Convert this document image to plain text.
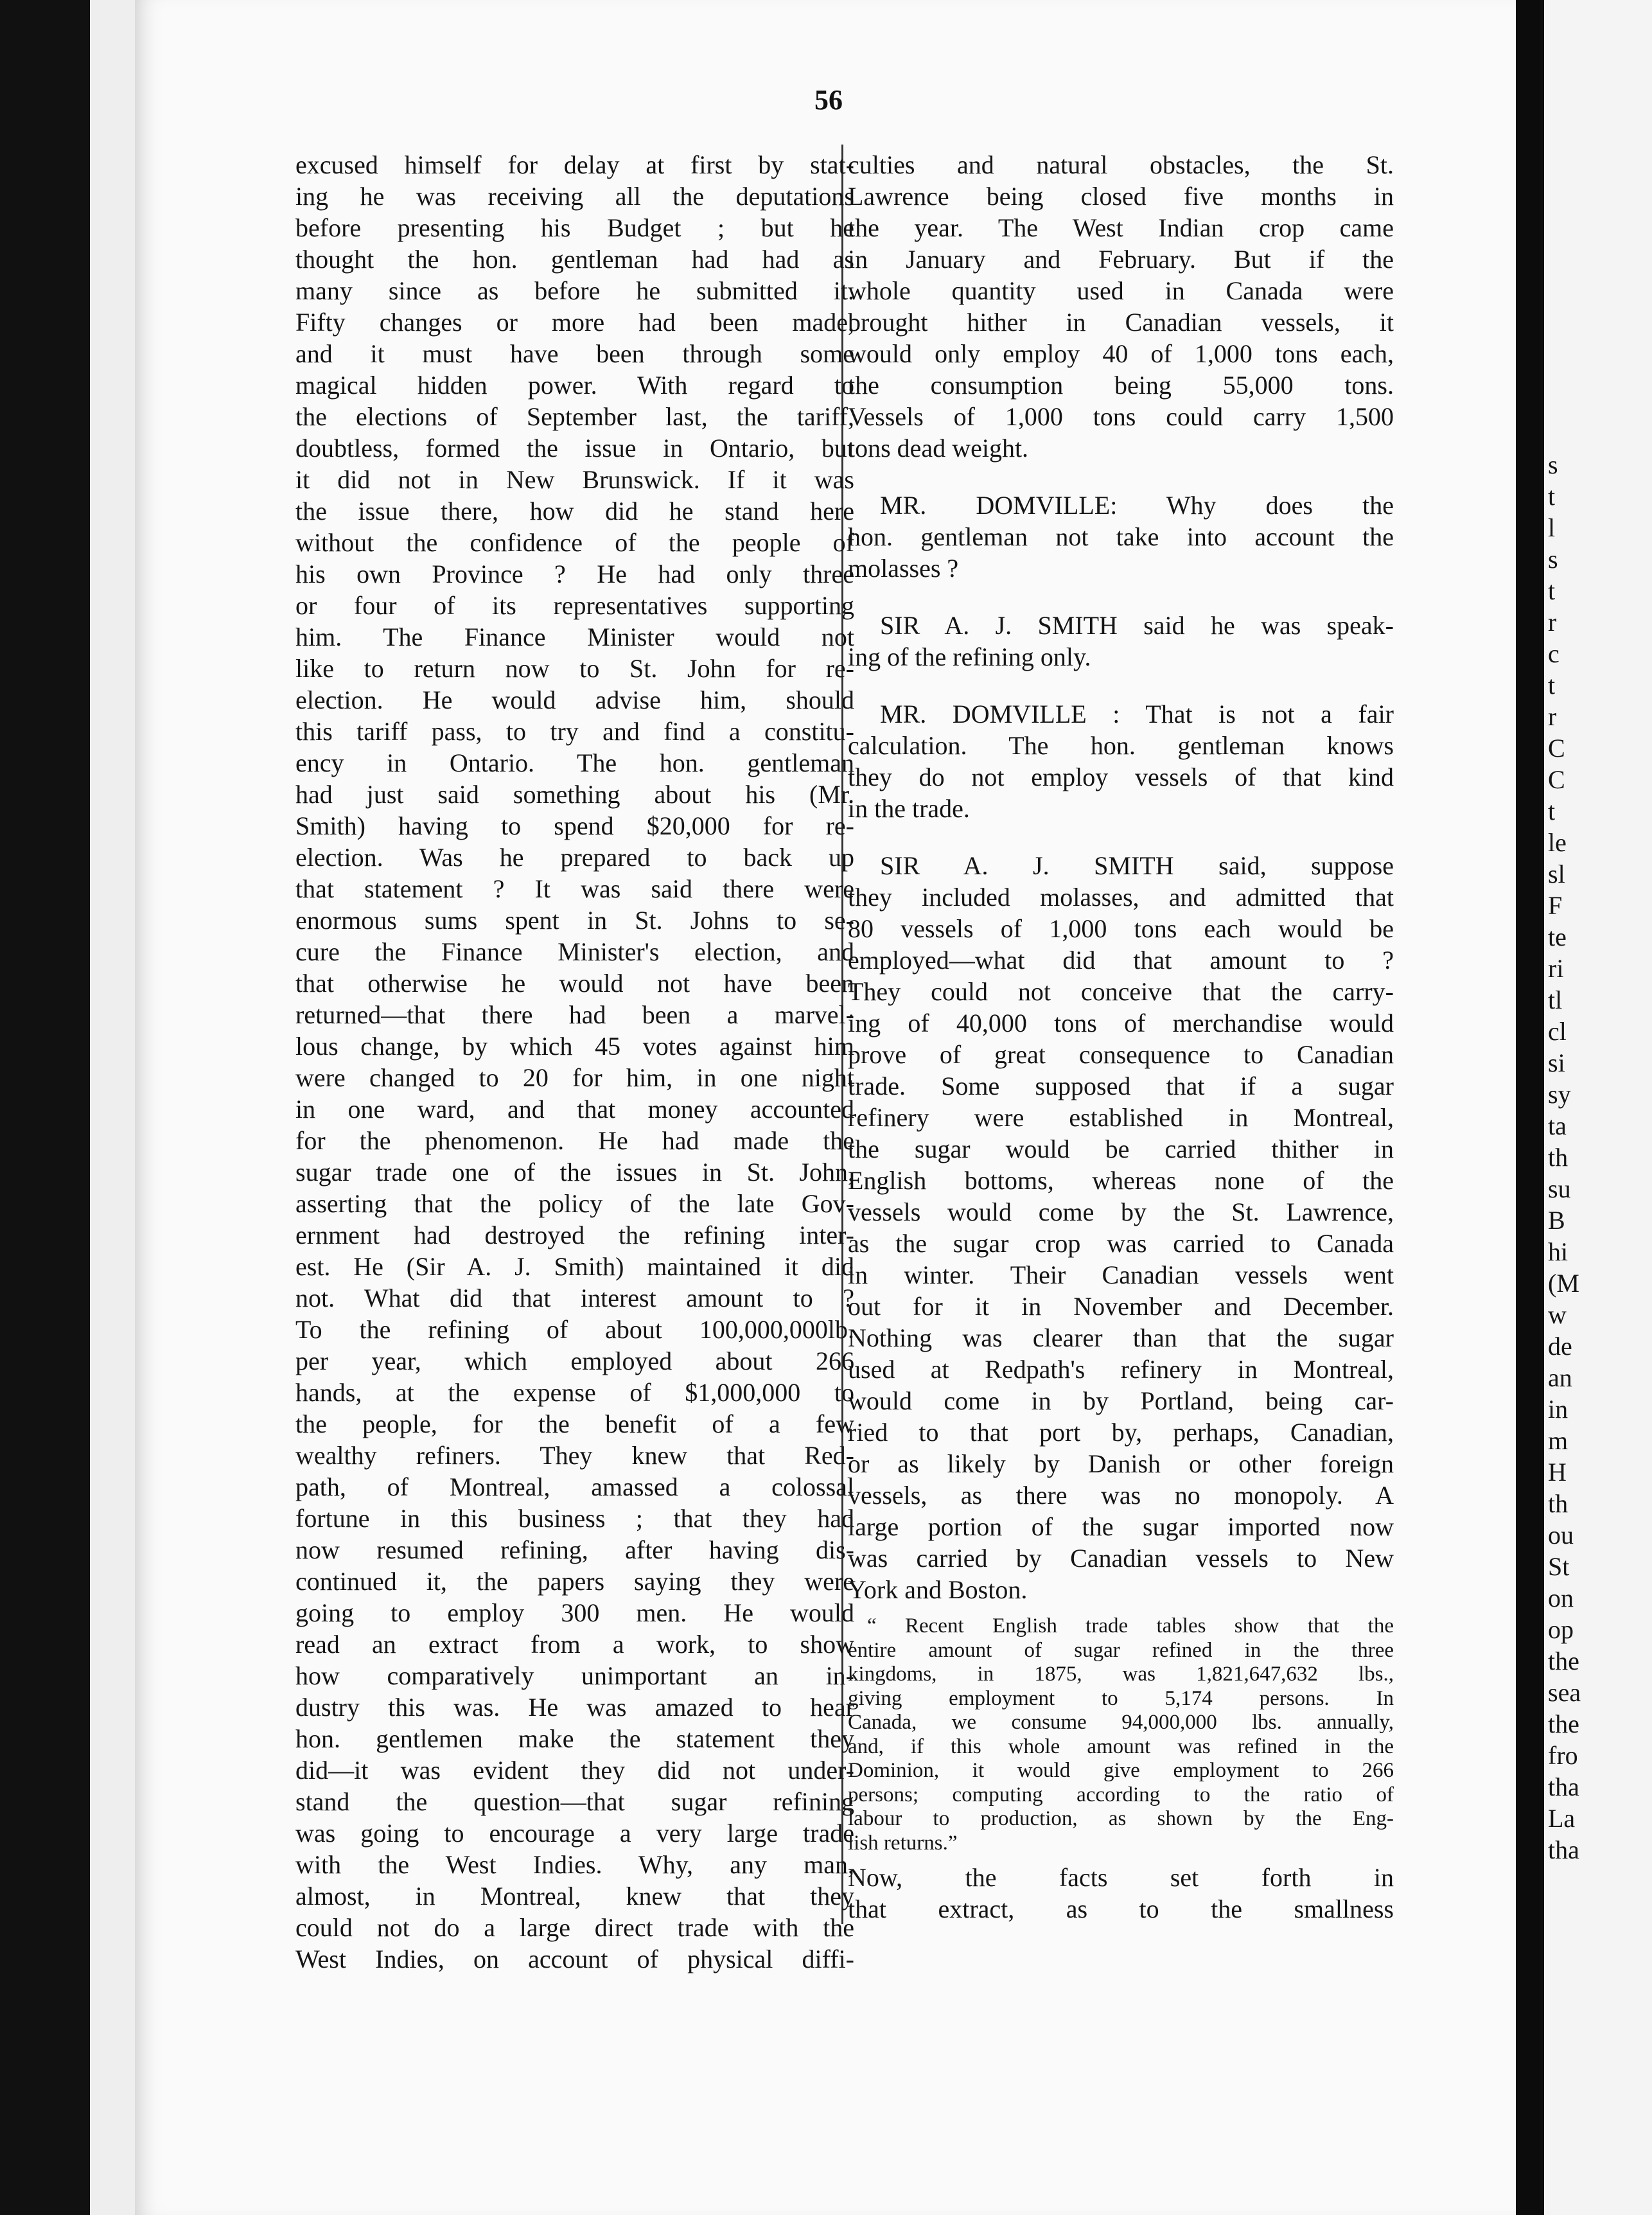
56
excused himself for delay at first by stat-
ing he was receiving all the deputations
before presenting his Budget ; but he
thought the hon. gentleman had had as
many since as before he submitted it.
Fifty changes or more had been made,
and it must have been through some
magical hidden power. With regard to
the elections of September last, the tariff,
doubtless, formed the issue in Ontario, but
it did not in New Brunswick. If it was
the issue there, how did he stand here
without the confidence of the people of
his own Province ? He had only three
or four of its representatives supporting
him. The Finance Minister would not
like to return now to St. John for re-
election. He would advise him, should
this tariff pass, to try and find a constitu-
ency in Ontario. The hon. gentleman
had just said something about his (Mr.
Smith) having to spend $20,000 for re-
election. Was he prepared to back up
that statement ? It was said there were
enormous sums spent in St. Johns to se-
cure the Finance Minister's election, and
that otherwise he would not have been
returned—that there had been a marvel-
lous change, by which 45 votes against him
were changed to 20 for him, in one night
in one ward, and that money accounted
for the phenomenon. He had made the
sugar trade one of the issues in St. John,
asserting that the policy of the late Gov-
ernment had destroyed the refining inter-
est. He (Sir A. J. Smith) maintained it did
not. What did that interest amount to ?
To the refining of about 100,000,000lb.
per year, which employed about 266
hands, at the expense of $1,000,000 to
the people, for the benefit of a few
wealthy refiners. They knew that Red-
path, of Montreal, amassed a colossal
fortune in this business ; that they had
now resumed refining, after having dis-
continued it, the papers saying they were
going to employ 300 men. He would
read an extract from a work, to show
how comparatively unimportant an in-
dustry this was. He was amazed to hear
hon. gentlemen make the statement they
did—it was evident they did not under-
stand the question—that sugar refining
was going to encourage a very large trade
with the West Indies. Why, any man,
almost, in Montreal, knew that they
could not do a large direct trade with the
West Indies, on account of physical diffi-
culties and natural obstacles, the St.
Lawrence being closed five months in
the year. The West Indian crop came
in January and February. But if the
whole quantity used in Canada were
brought hither in Canadian vessels, it
would only employ 40 of 1,000 tons each,
the consumption being 55,000 tons.
Vessels of 1,000 tons could carry 1,500
tons dead weight.
MR. DOMVILLE: Why does the
hon. gentleman not take into account the
molasses ?
SIR A. J. SMITH said he was speak-
ing of the refining only.
MR. DOMVILLE : That is not a fair
calculation. The hon. gentleman knows
they do not employ vessels of that kind
in the trade.
SIR A. J. SMITH said, suppose
they included molasses, and admitted that
80 vessels of 1,000 tons each would be
employed—what did that amount to ?
They could not conceive that the carry-
ing of 40,000 tons of merchandise would
prove of great consequence to Canadian
trade. Some supposed that if a sugar
refinery were established in Montreal,
the sugar would be carried thither in
English bottoms, whereas none of the
vessels would come by the St. Lawrence,
as the sugar crop was carried to Canada
in winter. Their Canadian vessels went
out for it in November and December.
Nothing was clearer than that the sugar
used at Redpath's refinery in Montreal,
would come in by Portland, being car-
ried to that port by, perhaps, Canadian,
or as likely by Danish or other foreign
vessels, as there was no monopoly. A
large portion of the sugar imported now
was carried by Canadian vessels to New
York and Boston.
“ Recent English trade tables show that the
entire amount of sugar refined in the three
kingdoms, in 1875, was 1,821,647,632 lbs.,
giving employment to 5,174 persons. In
Canada, we consume 94,000,000 lbs. annually,
and, if this whole amount was refined in the
Dominion, it would give employment to 266
persons; computing according to the ratio of
labour to production, as shown by the Eng-
lish returns.”
Now, the facts set forth in
that extract, as to the smallness
s
t
l
s
t
r
c
t
r
C
C
t
le
sl
F
te
ri
tl
cl
si
sy
ta
th
su
B
hi
(M
w
de
an
in
m
H
th
ou
St
on
op
the
sea
the
fro
tha
La
tha
